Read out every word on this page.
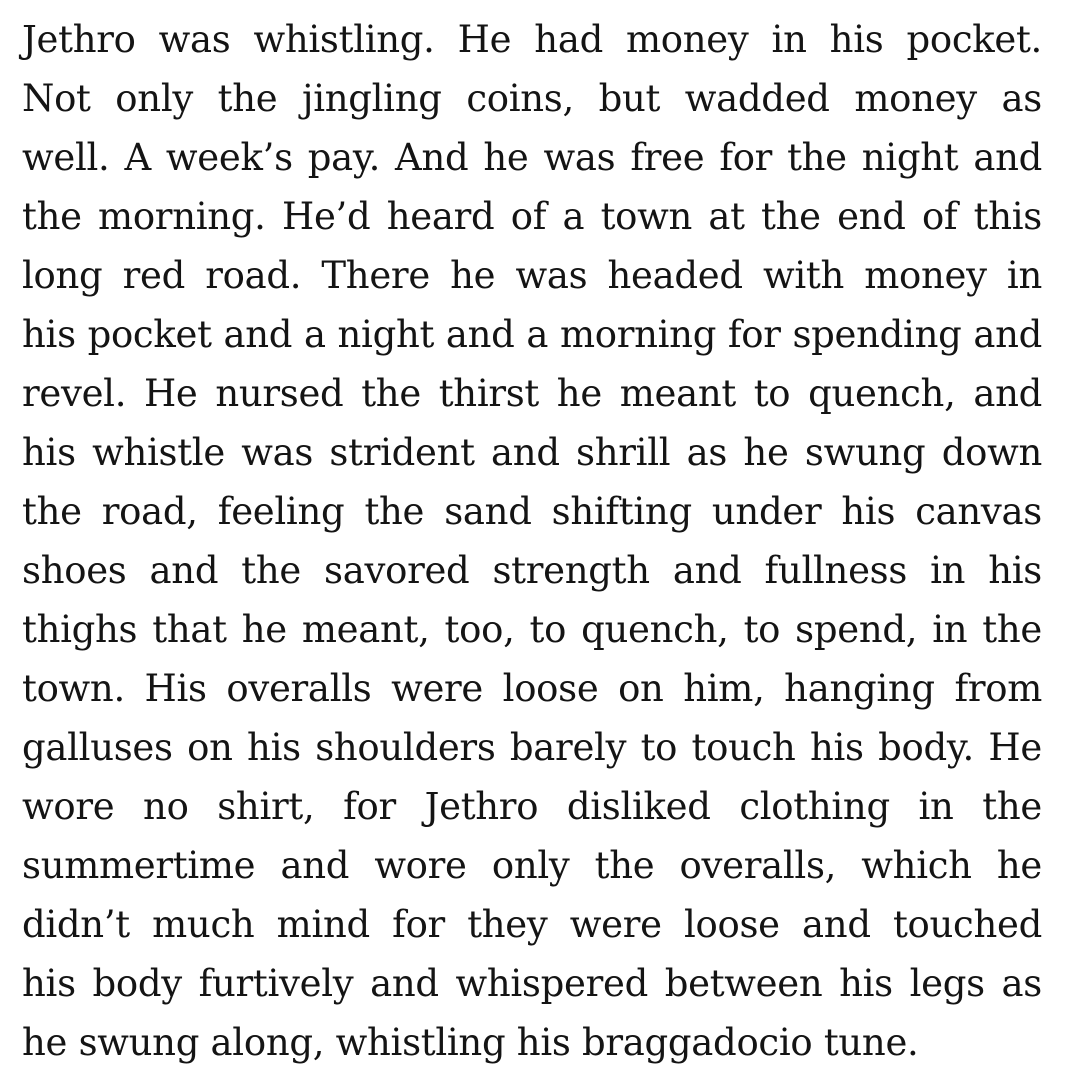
Jethro was whistling. He had money in his pocket.
Not only the jingling coins, but wadded money as
well. A week’s pay. And he was free for the night and
the morning. He’d heard of a town at the end of this
long red road. There he was headed with money in
his pocket and a night and a morning for spending and
revel. He nursed the thirst he meant to quench, and
his whistle was strident and shrill as he swung down
the road, feeling the sand shifting under his canvas
shoes and the savored strength and fullness in his
thighs that he meant, too, to quench, to spend, in the
town. His overalls were loose on him, hanging from
galluses on his shoulders barely to touch his body. He
wore no shirt, for Jethro disliked clothing in the
summertime and wore only the overalls, which he
didn’t much mind for they were loose and touched
his body furtively and whispered between his legs as
he swung along, whistling his braggadocio tune.
